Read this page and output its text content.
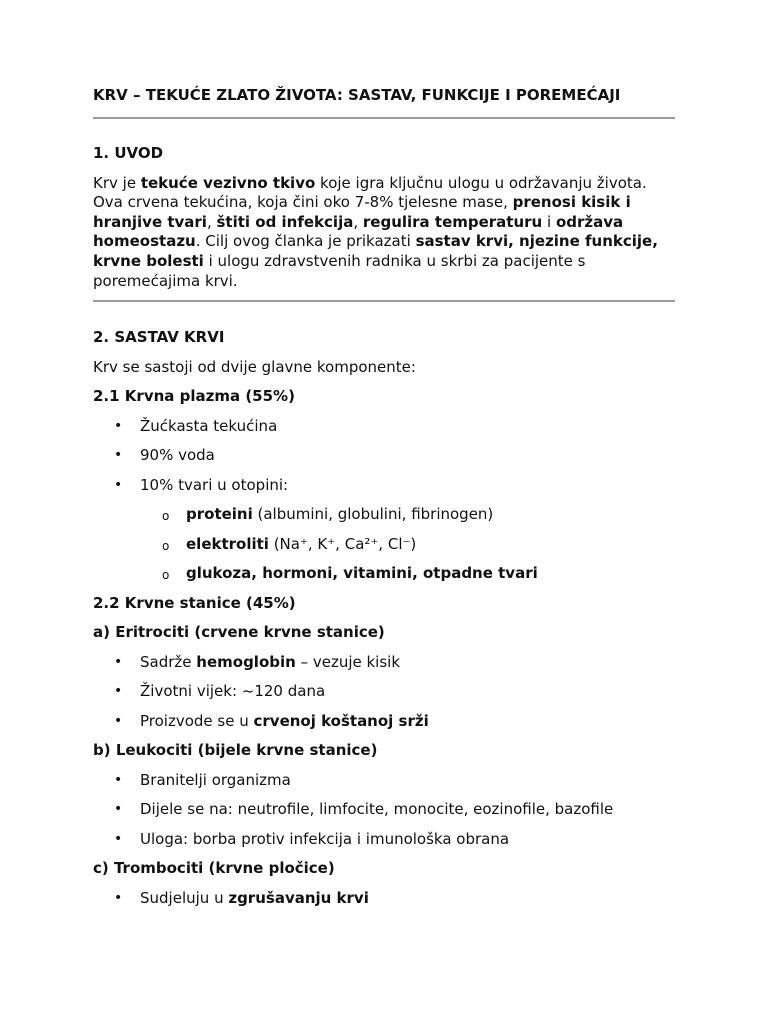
KRV – TEKUĆE ZLATO ŽIVOTA: SASTAV, FUNKCIJE I POREMEĆAJI
1. UVOD

Krv je tekuće vezivno tkivo koje igra ključnu ulogu u održavanju života. Ova crvena tekućina, koja čini oko 7-8% tjelesne mase, prenosi kisik i hranjive tvari, štiti od infekcija, regulira temperaturu i održava homeostazu. Cilj ovog članka je prikazati sastav krvi, njezine funkcije, krvne bolesti i ulogu zdravstvenih radnika u skrbi za pacijente s poremećajima krvi.

2. SASTAV KRVI
Krv se sastoji od dvije glavne komponente:
2.1 Krvna plazma (55%)
• Žućkasta tekućina
• 90% voda
• 10% tvari u otopini:
o proteini (albumini, globulini, fibrinogen)
o elektroliti (Na⁺, K⁺, Ca²⁺, Cl⁻)
o glukoza, hormoni, vitamini, otpadne tvari
2.2 Krvne stanice (45%)
a) Eritrociti (crvene krvne stanice)
• Sadrže hemoglobin – vezuje kisik
• Životni vijek: ~120 dana
• Proizvode se u crvenoj koštanoj srži
b) Leukociti (bijele krvne stanice)
• Branitelji organizma
• Dijele se na: neutrofile, limfocite, monocite, eozinofile, bazofile
• Uloga: borba protiv infekcija i imunološka obrana
c) Trombociti (krvne pločice)
• Sudjeluju u zgrušavanju krvi
